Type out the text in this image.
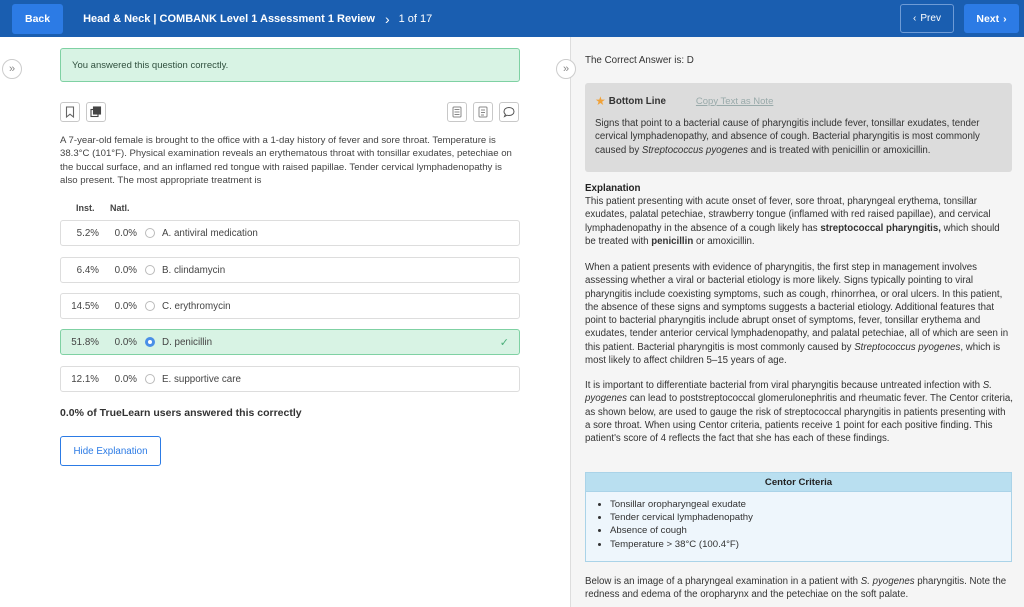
Back	Head & Neck | COMBANK Level 1 Assessment 1 Review › 1 of 17	‹ Prev	Next ›
»	You answered this question correctly.
A 7-year-old female is brought to the office with a 1-day history of fever and sore throat. Temperature is 38.3°C (101°F). Physical examination reveals an erythematous throat with tonsillar exudates, petechiae on the buccal surface, and an inflamed red tongue with raised papillae. Tender cervical lymphadenopathy is also present. The most appropriate treatment is
Inst. Natl.
5.2%	0.0%	A. antiviral medication
6.4%	0.0%	B. clindamycin
14.5%	0.0%	C. erythromycin
51.8%	0.0%	D. penicillin	✓
12.1%	0.0%	E. supportive care
0.0% of TrueLearn users answered this correctly
Hide Explanation
»
The Correct Answer is: D
★ Bottom Line	Copy Text as Note
Signs that point to a bacterial cause of pharyngitis include fever, tonsillar exudates, tender cervical lymphadenopathy, and absence of cough. Bacterial pharyngitis is most commonly caused by Streptococcus pyogenes and is treated with penicillin or amoxicillin.
Explanation
This patient presenting with acute onset of fever, sore throat, pharyngeal erythema, tonsillar exudates, palatal petechiae, strawberry tongue (inflamed with red raised papillae), and cervical lymphadenopathy in the absence of a cough likely has streptococcal pharyngitis, which should be treated with penicillin or amoxicillin.
When a patient presents with evidence of pharyngitis, the first step in management involves assessing whether a viral or bacterial etiology is more likely. Signs typically pointing to viral pharyngitis include coexisting symptoms, such as cough, rhinorrhea, or oral ulcers. In this patient, the absence of these signs and symptoms suggests a bacterial etiology. Additional features that point to bacterial pharyngitis include abrupt onset of symptoms, fever, tonsillar erythema and exudates, tender anterior cervical lymphadenopathy, and palatal petechiae, all of which are seen in this patient. Bacterial pharyngitis is most commonly caused by Streptococcus pyogenes, which is most likely to affect children 5–15 years of age.
It is important to differentiate bacterial from viral pharyngitis because untreated infection with S. pyogenes can lead to poststreptococcal glomerulonephritis and rheumatic fever. The Centor criteria, as shown below, are used to gauge the risk of streptococcal pharyngitis in patients presenting with a sore throat. When using Centor criteria, patients receive 1 point for each positive finding. This patient's score of 4 reflects the fact that she has each of these findings.
Centor Criteria
• Tonsillar oropharyngeal exudate
• Tender cervical lymphadenopathy
• Absence of cough
• Temperature > 38°C (100.4°F)
Below is an image of a pharyngeal examination in a patient with S. pyogenes pharyngitis. Note the redness and edema of the oropharynx and the petechiae on the soft palate.
